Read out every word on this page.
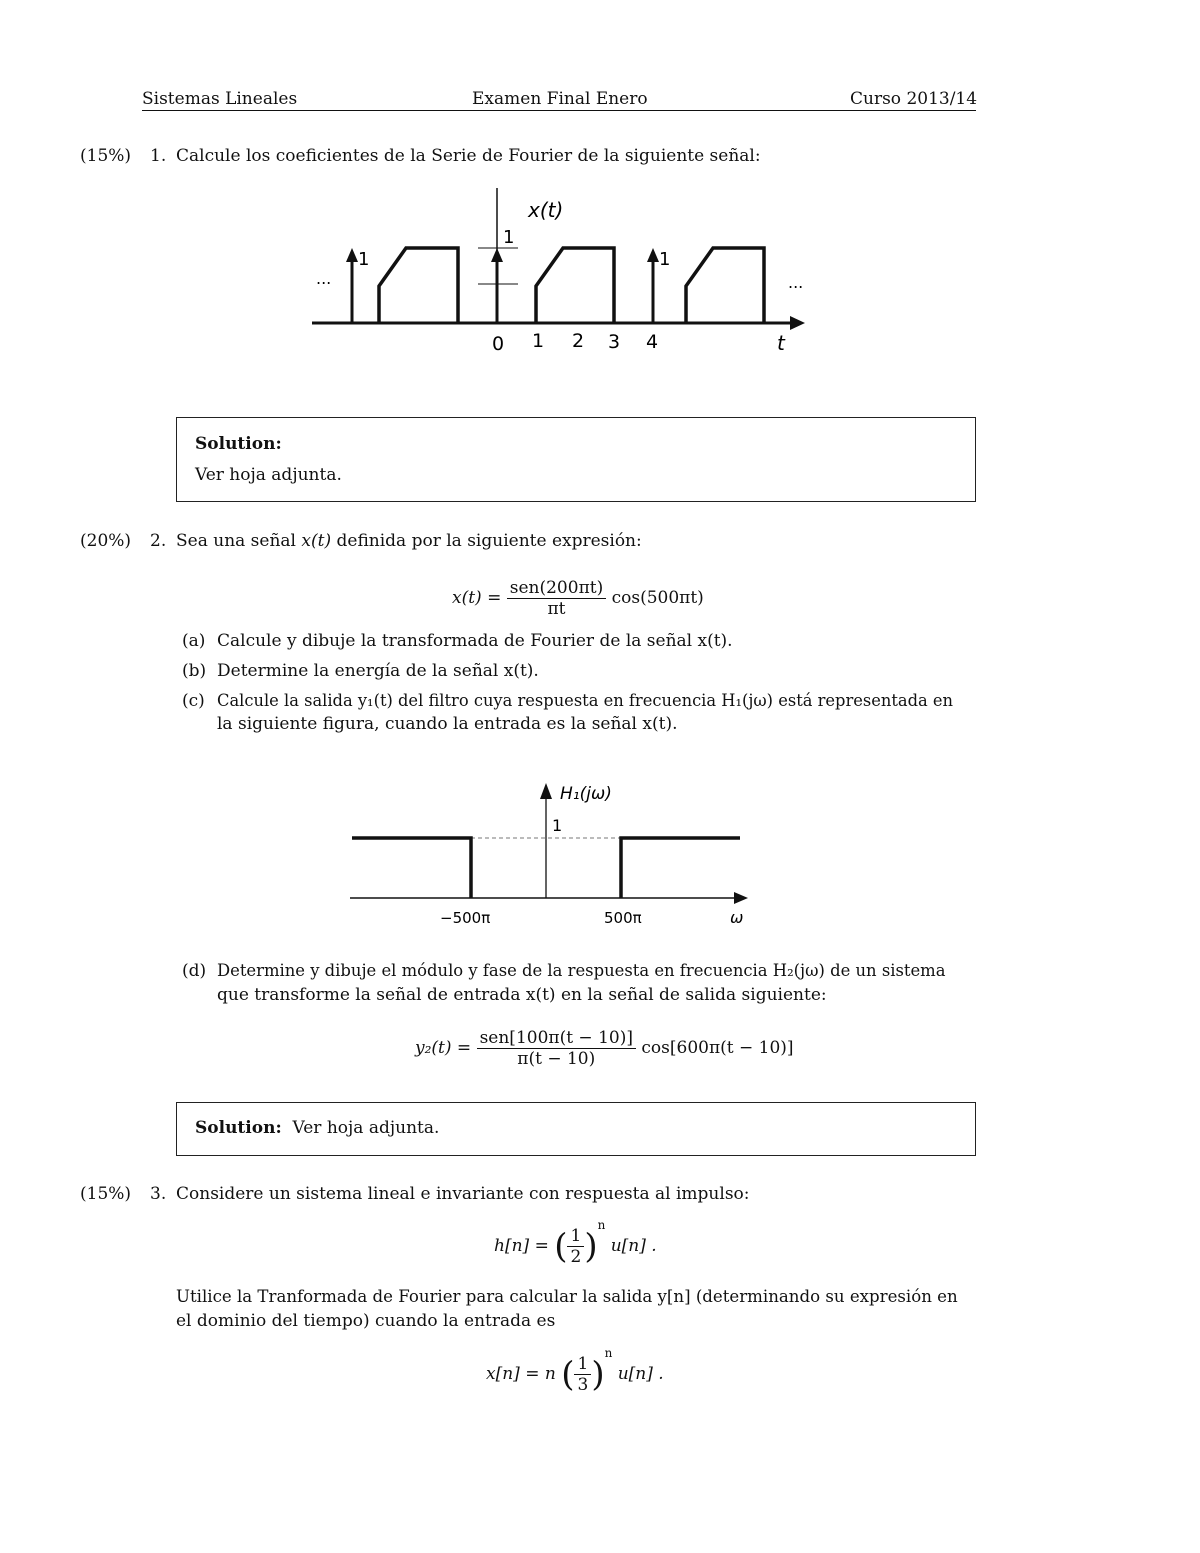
Sistemas Lineales	Examen Final Enero	Curso 2013/14
(15%) 1. Calcule los coeficientes de la Serie de Fourier de la siguiente señal:
x(t)
1
1	1
...	...
0 1 2 3 4	t
Solution:
Ver hoja adjunta.
(20%) 2. Sea una señal x(t) definida por la siguiente expresión:
$x(t) = \frac{\text{sen(200πt)}}{\pi t} \cos(500\pi t)$
(a) Calcule y dibuje la transformada de Fourier de la señal x(t).
(b) Determine la energía de la señal x(t).
(c) Calcule la salida y₁(t) del filtro cuya respuesta en frecuencia H₁(jω) está representada en
la siguiente figura, cuando la entrada es la señal x(t).
H₁(jω)
1
−500π	500π	ω
(d) Determine y dibuje el módulo y fase de la respuesta en frecuencia H₂(jω) de un sistema
que transforme la señal de entrada x(t) en la señal de salida siguiente:
$y_2(t) = \frac{\text{sen[100π(t − 10)]}}{\pi(t - 10)} \cos[600\pi(t - 10)]$
Solution: Ver hoja adjunta.
(15%) 3. Considere un sistema lineal e invariante con respuesta al impulso:
h[n] = ( $\frac{1}{2} )^n$ u[n] .
Utilice la Tranformada de Fourier para calcular la salida y[n] (determinando su expresión en
el dominio del tiempo) cuando la entrada es
x[n] = n ( $\frac{1}{3} )^n$ u[n] .
